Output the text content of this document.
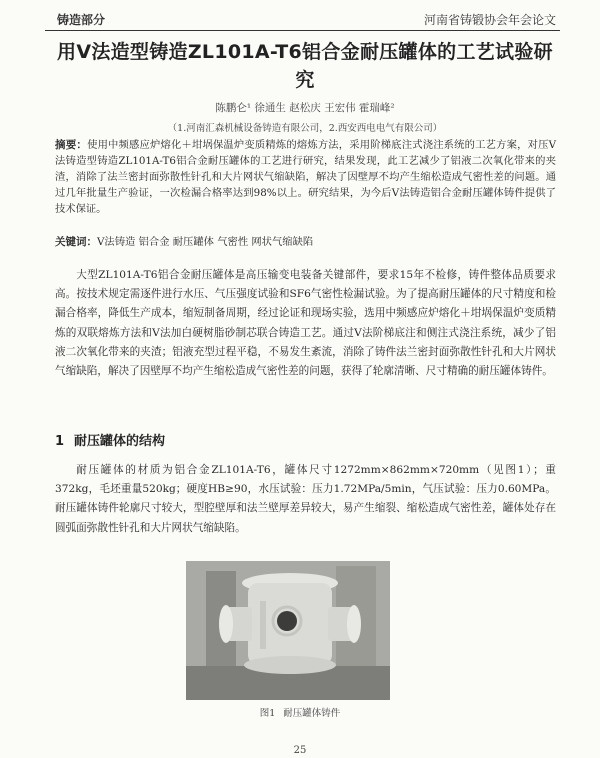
铸造部分	河南省铸锻协会年会论文
用V法造型铸造ZL101A-T6铝合金耐压罐体的工艺试验研究
陈鹏仑¹ 徐通生 赵松庆 王宏伟 霍瑞峰²
（1.河南汇森机械设备铸造有限公司，2.西安西电电气有限公司）
摘要：使用中频感应炉熔化＋坩埚保温炉变质精炼的熔炼方法，采用阶梯底注式浇注系统的工艺方案，对压V法铸造型铸造ZL101A-T6铝合金耐压罐体的工艺进行研究，结果发现，此工艺减少了铝液二次氧化带来的夹渣，消除了法兰密封面弥散性针孔和大片网状气缩缺陷，解决了因壁厚不均产生缩松造成气密性差的问题。通过几年批量生产验证，一次检漏合格率达到98%以上。研究结果，为今后V法铸造铝合金耐压罐体铸件提供了技术保证。
关键词：V法铸造 铝合金 耐压罐体 气密性 网状气缩缺陷
大型ZL101A-T6铝合金耐压罐体是高压输变电装备关键部件，要求15年不检修，铸件整体品质要求高。按技术规定需逐件进行水压、气压强度试验和SF6气密性检漏试验。为了提高耐压罐体的尺寸精度和检漏合格率，降低生产成本，缩短制备周期，经过论证和现场实验，选用中频感应炉熔化＋坩埚保温炉变质精炼的双联熔炼方法和V法加白硬树脂砂制芯联合铸造工艺。通过V法阶梯底注和侧注式浇注系统，减少了铝液二次氧化带来的夹渣；铝液充型过程平稳，不易发生紊流，消除了铸件法兰密封面弥散性针孔和大片网状气缩缺陷，解决了因壁厚不均产生缩松造成气密性差的问题，获得了轮廓清晰、尺寸精确的耐压罐体铸件。
1 耐压罐体的结构
耐压罐体的材质为铝合金ZL101A-T6，罐体尺寸1272mm×862mm×720mm（见图1）；重372kg，毛坯重量520kg；硬度HB≥90，水压试验：压力1.72MPa/5min，气压试验：压力0.60MPa。耐压罐体铸件轮廓尺寸较大，型腔壁厚和法兰壁厚差异较大，易产生缩裂、缩松造成气密性差，罐体处存在圆弧面弥散性针孔和大片网状气缩缺陷。
图1 耐压罐体铸件
25
